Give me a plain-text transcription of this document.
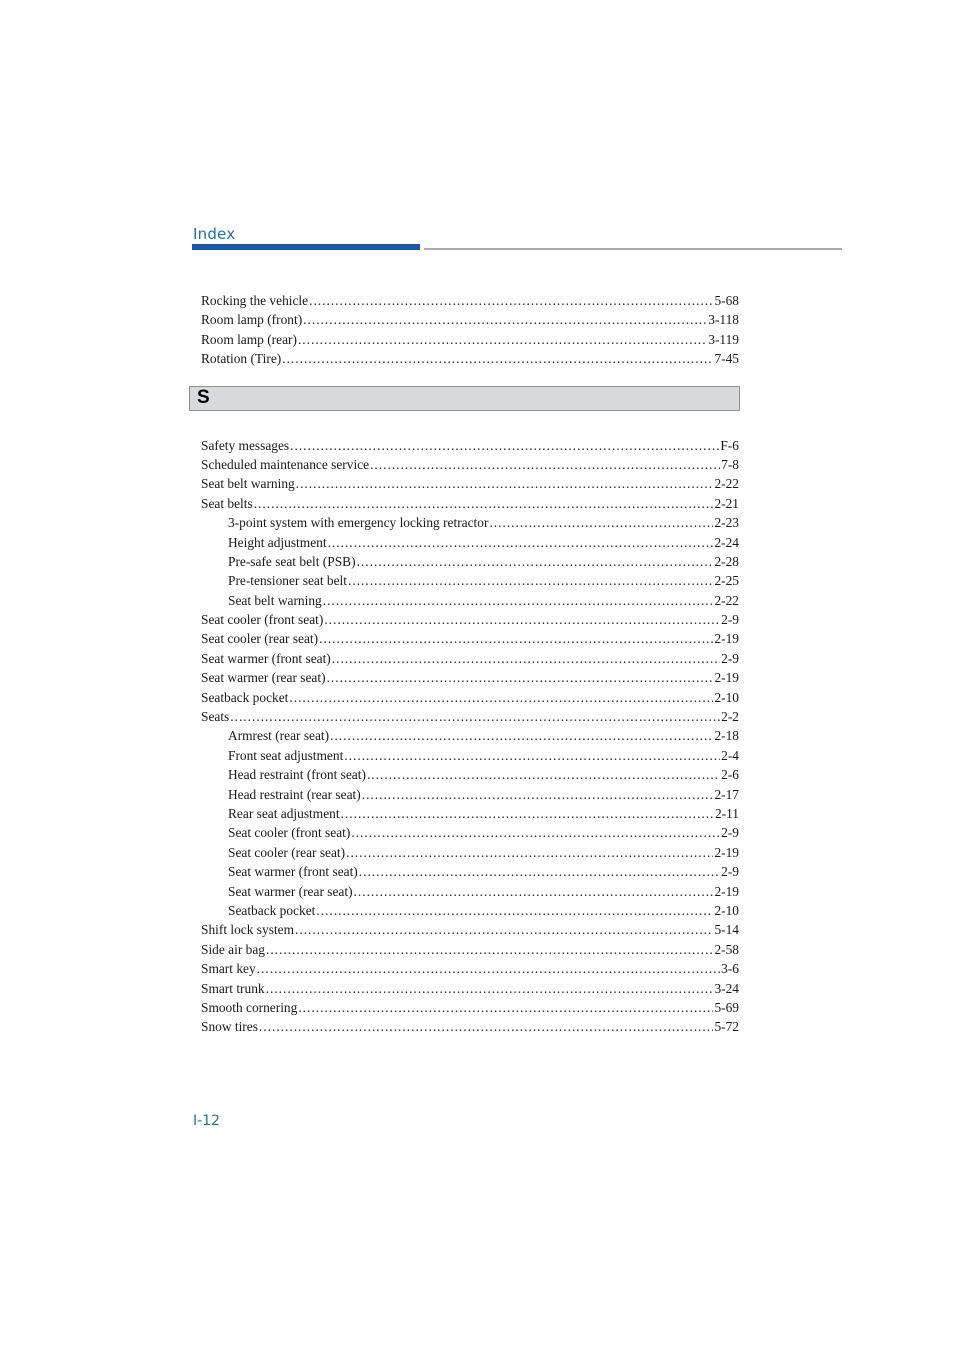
Index
Rocking the vehicle .....	5-68
Room lamp (front) .....	3-118
Room lamp (rear) .....	3-119
Rotation (Tire) .....	7-45
S
Safety messages .....	F-6
Scheduled maintenance service .....	7-8
Seat belt warning .....	2-22
Seat belts .....	2-21
3-point system with emergency locking retractor .....	2-23
Height adjustment .....	2-24
Pre-safe seat belt (PSB) .....	2-28
Pre-tensioner seat belt .....	2-25
Seat belt warning .....	2-22
Seat cooler (front seat) .....	2-9
Seat cooler (rear seat) .....	2-19
Seat warmer (front seat) .....	2-9
Seat warmer (rear seat) .....	2-19
Seatback pocket .....	2-10
Seats .....	2-2
Armrest (rear seat) .....	2-18
Front seat adjustment .....	2-4
Head restraint (front seat) .....	2-6
Head restraint (rear seat) .....	2-17
Rear seat adjustment .....	2-11
Seat cooler (front seat) .....	2-9
Seat cooler (rear seat) .....	2-19
Seat warmer (front seat) .....	2-9
Seat warmer (rear seat) .....	2-19
Seatback pocket .....	2-10
Shift lock system .....	5-14
Side air bag .....	2-58
Smart key .....	3-6
Smart trunk .....	3-24
Smooth cornering .....	5-69
Snow tires .....	5-72
I-12
